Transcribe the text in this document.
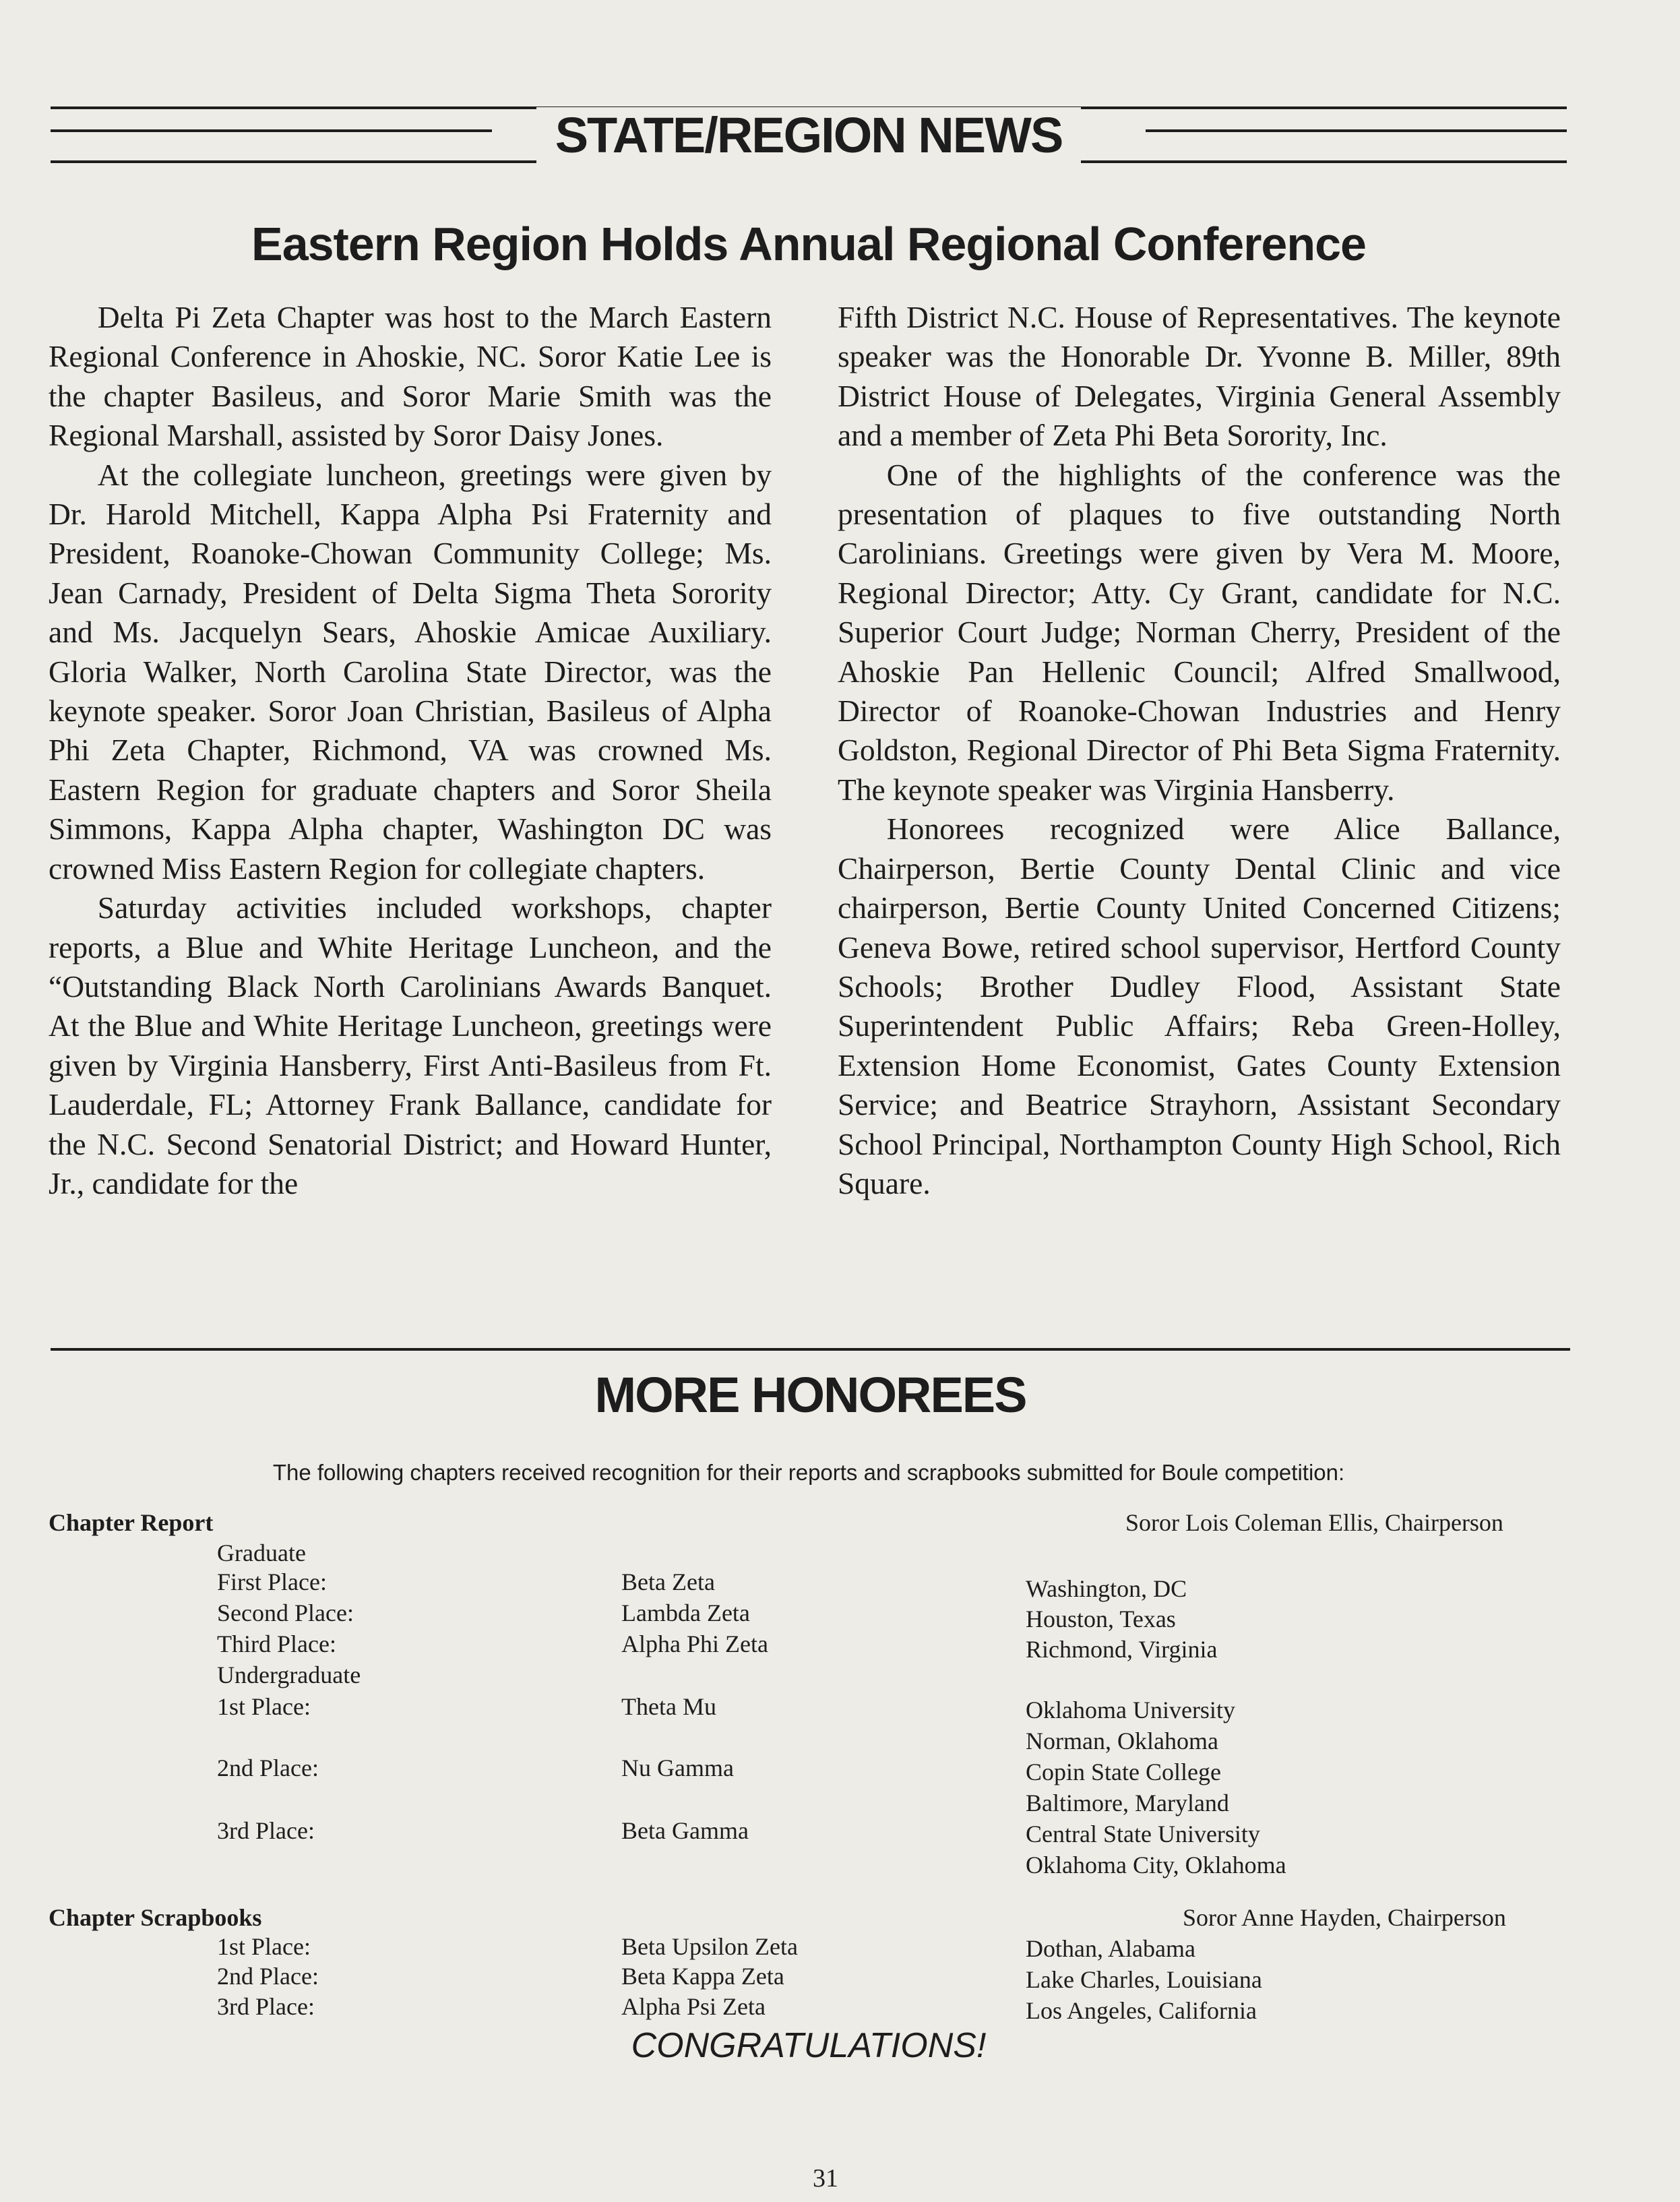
STATE/REGION NEWS
Eastern Region Holds Annual Regional Conference

Delta Pi Zeta Chapter was host to the March Eastern Regional Conference in Ahoskie, NC. Soror Katie Lee is the chapter Basileus, and Soror Marie Smith was the Regional Marshall, assisted by Soror Daisy Jones.

At the collegiate luncheon, greetings were given by Dr. Harold Mitchell, Kappa Alpha Psi Fraternity and President, Roanoke-Chowan Community College; Ms. Jean Carnady, President of Delta Sigma Theta Sorority and Ms. Jacquelyn Sears, Ahoskie Amicae Auxiliary. Gloria Walker, North Carolina State Director, was the keynote speaker. Soror Joan Christian, Basileus of Alpha Phi Zeta Chapter, Richmond, VA was crowned Ms. Eastern Region for graduate chapters and Soror Sheila Simmons, Kappa Alpha chapter, Washington DC was crowned Miss Eastern Region for collegiate chapters.

Saturday activities included workshops, chapter reports, a Blue and White Heritage Luncheon, and the “Outstanding Black North Carolinians Awards Banquet. At the Blue and White Heritage Luncheon, greetings were given by Virginia Hansberry, First Anti-Basileus from Ft. Lauderdale, FL; Attorney Frank Ballance, candidate for the N.C. Second Senatorial District; and Howard Hunter, Jr., candidate for the

Fifth District N.C. House of Representatives. The keynote speaker was the Honorable Dr. Yvonne B. Miller, 89th District House of Delegates, Virginia General Assembly and a member of Zeta Phi Beta Sorority, Inc.

One of the highlights of the conference was the presentation of plaques to five outstanding North Carolinians. Greetings were given by Vera M. Moore, Regional Director; Atty. Cy Grant, candidate for N.C. Superior Court Judge; Norman Cherry, President of the Ahoskie Pan Hellenic Council; Alfred Smallwood, Director of Roanoke-Chowan Industries and Henry Goldston, Regional Director of Phi Beta Sigma Fraternity. The keynote speaker was Virginia Hansberry.

Honorees recognized were Alice Ballance, Chairperson, Bertie County Dental Clinic and vice chairperson, Bertie County United Concerned Citizens; Geneva Bowe, retired school supervisor, Hertford County Schools; Brother Dudley Flood, Assistant State Superintendent Public Affairs; Reba Green-Holley, Extension Home Economist, Gates County Extension Service; and Beatrice Strayhorn, Assistant Secondary School Principal, Northampton County High School, Rich Square.

MORE HONOREES
The following chapters received recognition for their reports and scrapbooks submitted for Boule competition:
Chapter Report	Soror Lois Coleman Ellis, Chairperson
Graduate
First Place:	Beta Zeta	Washington, DC
Second Place:	Lambda Zeta	Houston, Texas
Third Place:	Alpha Phi Zeta	Richmond, Virginia
Undergraduate
1st Place:	Theta Mu	Oklahoma University
Norman, Oklahoma
2nd Place:	Nu Gamma	Copin State College
Baltimore, Maryland
3rd Place:	Beta Gamma	Central State University
Oklahoma City, Oklahoma
Chapter Scrapbooks	Soror Anne Hayden, Chairperson
1st Place:	Beta Upsilon Zeta	Dothan, Alabama
2nd Place:	Beta Kappa Zeta	Lake Charles, Louisiana
3rd Place:	Alpha Psi Zeta	Los Angeles, California
CONGRATULATIONS!
31
